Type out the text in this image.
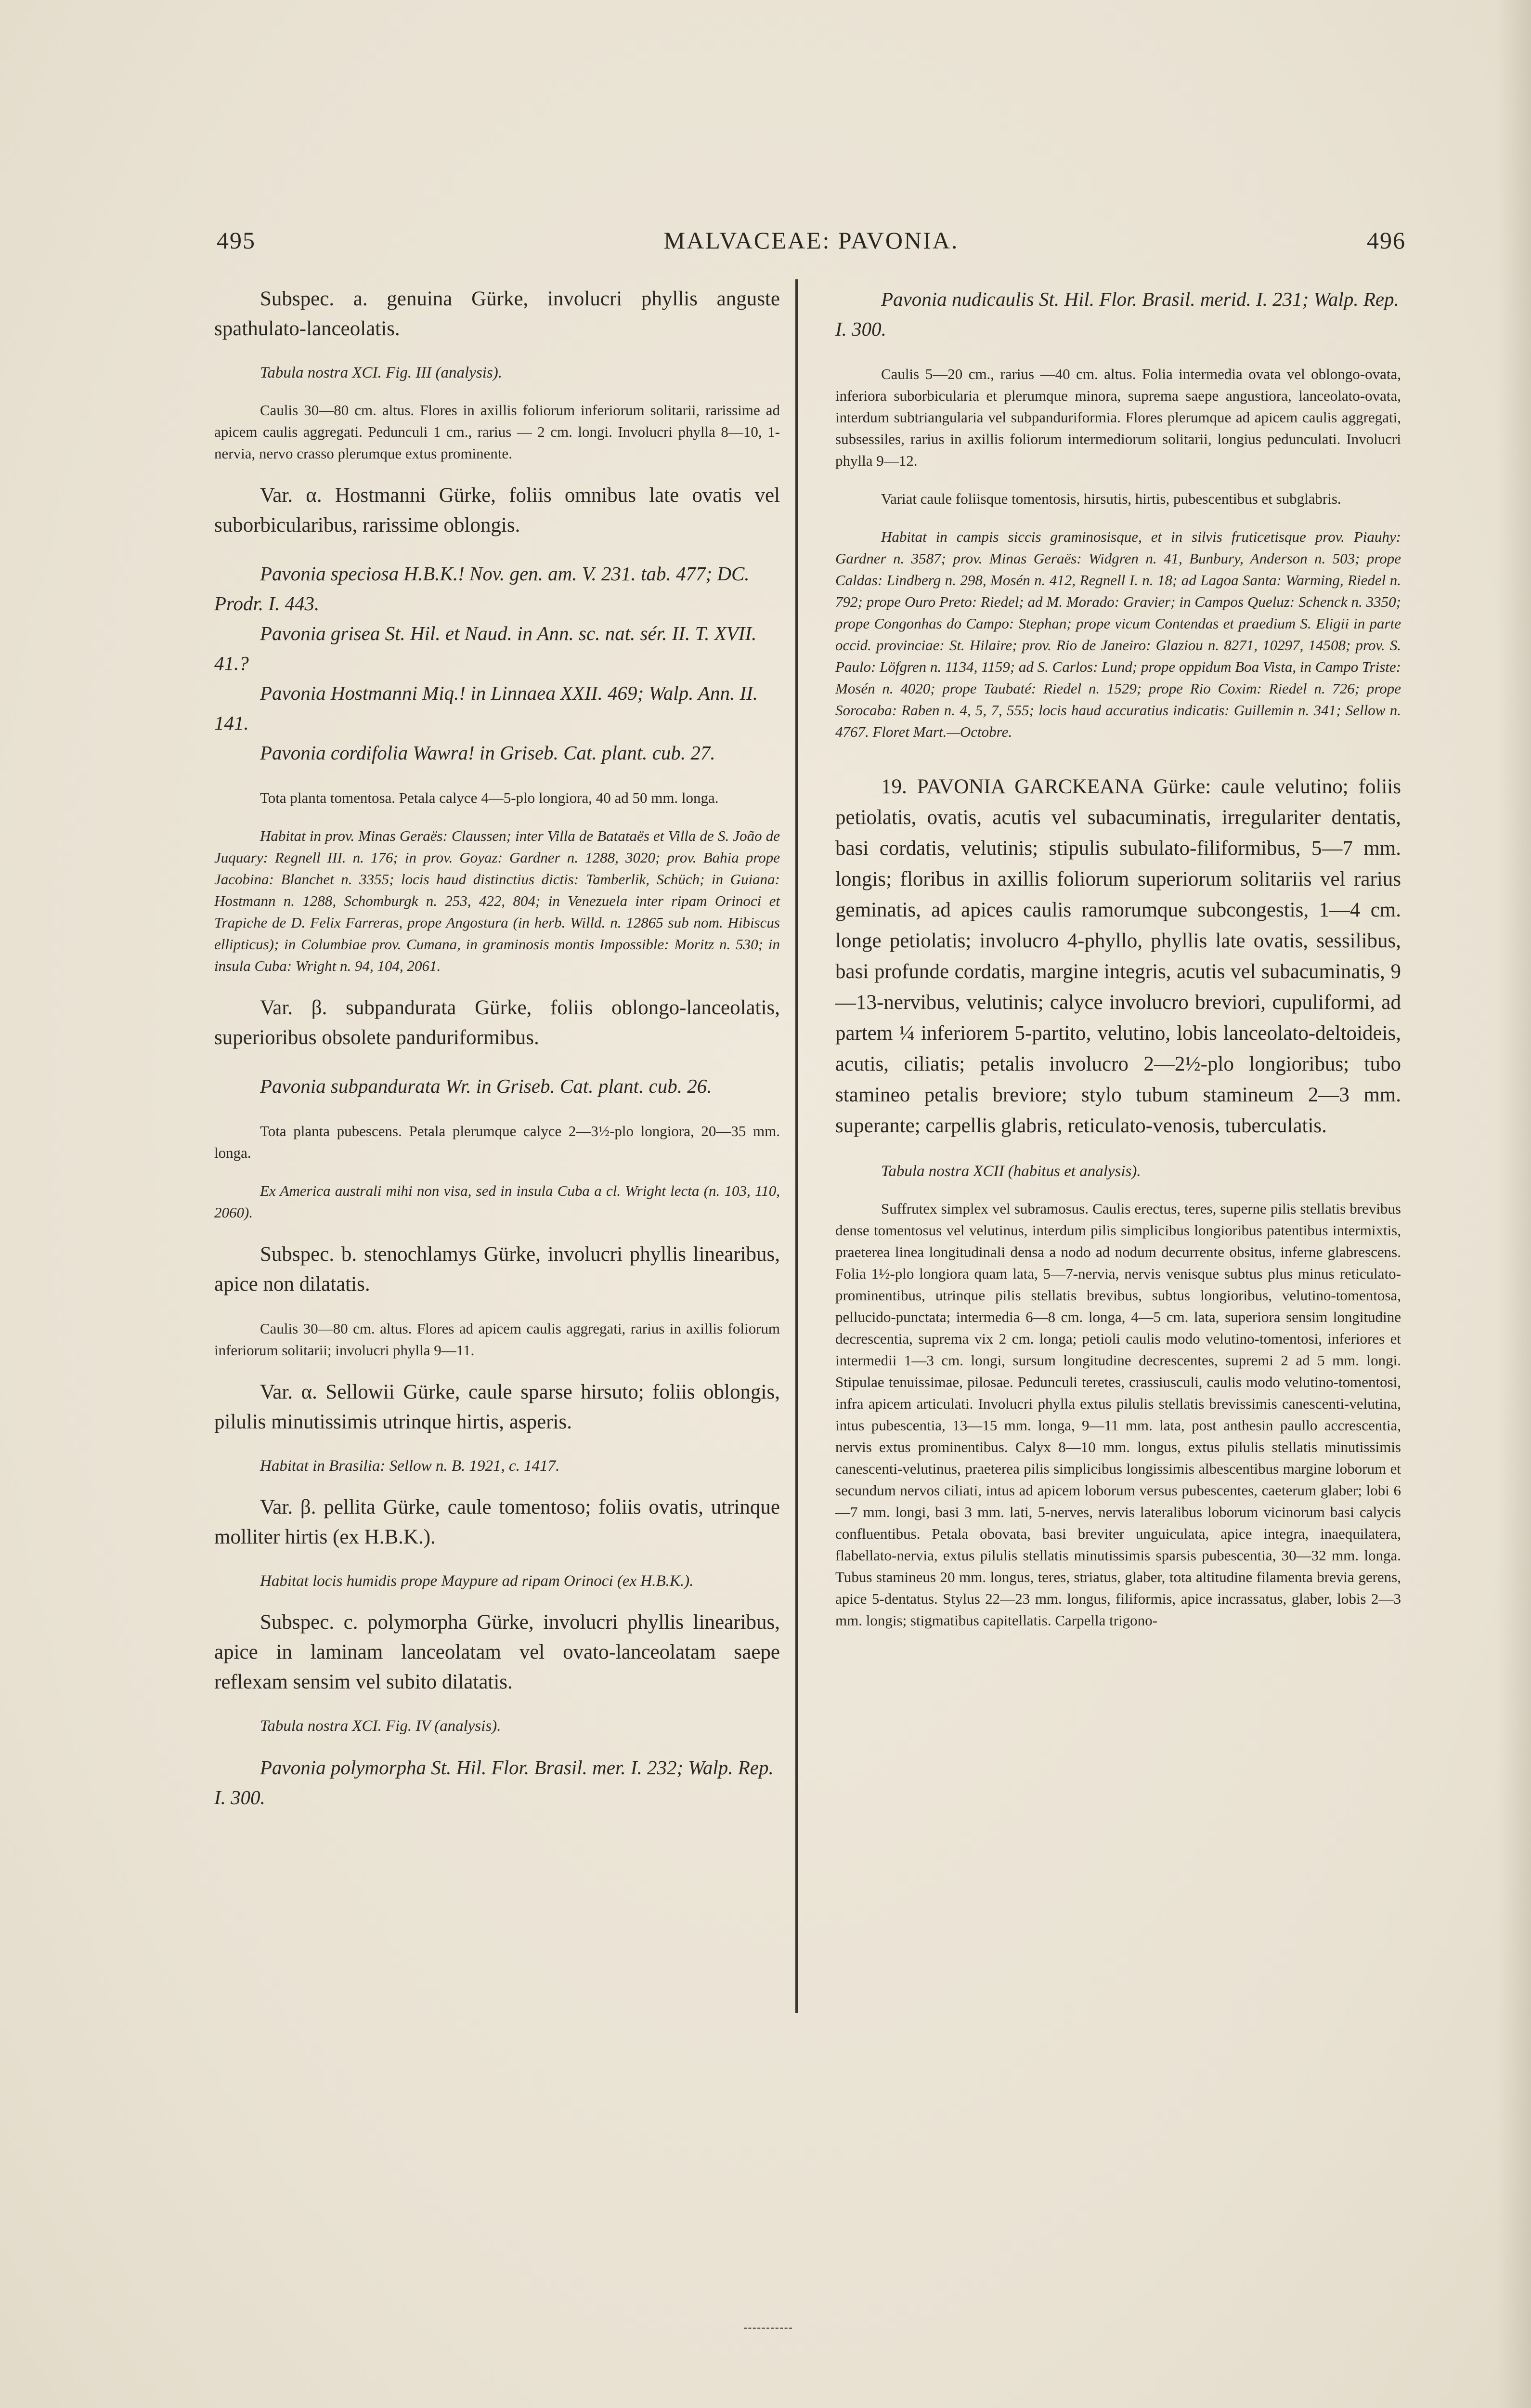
495	MALVACEAE: PAVONIA.	496

Subspec. a. genuina Gürke, involucri phyllis anguste spathulato-lanceolatis.

Tabula nostra XCI. Fig. III (analysis).

Caulis 30—80 cm. altus. Flores in axillis foliorum inferiorum solitarii, rarissime ad apicem caulis aggregati. Pedunculi 1 cm., rarius — 2 cm. longi. Involucri phylla 8—10, 1-nervia, nervo crasso plerumque extus prominente.

Var. α. Hostmanni Gürke, foliis omnibus late ovatis vel suborbicularibus, rarissime oblongis.

Pavonia speciosa H.B.K.! Nov. gen. am. V. 231. tab. 477; DC. Prodr. I. 443.

Pavonia grisea St. Hil. et Naud. in Ann. sc. nat. sér. II. T. XVII. 41.?

Pavonia Hostmanni Miq.! in Linnaea XXII. 469; Walp. Ann. II. 141.

Pavonia cordifolia Wawra! in Griseb. Cat. plant. cub. 27.

Tota planta tomentosa. Petala calyce 4—5-plo longiora, 40 ad 50 mm. longa.

Habitat in prov. Minas Geraës: Claussen; inter Villa de Batataës et Villa de S. João de Juquary: Regnell III. n. 176; in prov. Goyaz: Gardner n. 1288, 3020; prov. Bahia prope Jacobina: Blanchet n. 3355; locis haud distinctius dictis: Tamberlik, Schüch; in Guiana: Hostmann n. 1288, Schomburgk n. 253, 422, 804; in Venezuela inter ripam Orinoci et Trapiche de D. Felix Farreras, prope Angostura (in herb. Willd. n. 12865 sub nom. Hibiscus ellipticus); in Columbiae prov. Cumana, in graminosis montis Impossible: Moritz n. 530; in insula Cuba: Wright n. 94, 104, 2061.

Var. β. subpandurata Gürke, foliis oblongo-lanceolatis, superioribus obsolete panduriformibus.

Pavonia subpandurata Wr. in Griseb. Cat. plant. cub. 26.

Tota planta pubescens. Petala plerumque calyce 2—3½-plo longiora, 20—35 mm. longa.

Ex America australi mihi non visa, sed in insula Cuba a cl. Wright lecta (n. 103, 110, 2060).

Subspec. b. stenochlamys Gürke, involucri phyllis linearibus, apice non dilatatis.

Caulis 30—80 cm. altus. Flores ad apicem caulis aggregati, rarius in axillis foliorum inferiorum solitarii; involucri phylla 9—11.

Var. α. Sellowii Gürke, caule sparse hirsuto; foliis oblongis, pilulis minutissimis utrinque hirtis, asperis.

Habitat in Brasilia: Sellow n. B. 1921, c. 1417.

Var. β. pellita Gürke, caule tomentoso; foliis ovatis, utrinque molliter hirtis (ex H.B.K.).

Habitat locis humidis prope Maypure ad ripam Orinoci (ex H.B.K.).

Subspec. c. polymorpha Gürke, involucri phyllis linearibus, apice in laminam lanceolatam vel ovato-lanceolatam saepe reflexam sensim vel subito dilatatis.

Tabula nostra XCI. Fig. IV (analysis).

Pavonia polymorpha St. Hil. Flor. Brasil. mer. I. 232; Walp. Rep. I. 300.

Pavonia nudicaulis St. Hil. Flor. Brasil. merid. I. 231; Walp. Rep. I. 300.

Caulis 5—20 cm., rarius —40 cm. altus. Folia intermedia ovata vel oblongo-ovata, inferiora suborbicularia et plerumque minora, suprema saepe angustiora, lanceolato-ovata, interdum subtriangularia vel subpanduriformia. Flores plerumque ad apicem caulis aggregati, subsessiles, rarius in axillis foliorum intermediorum solitarii, longius pedunculati. Involucri phylla 9—12.

Variat caule foliisque tomentosis, hirsutis, hirtis, pubescentibus et subglabris.

Habitat in campis siccis graminosisque, et in silvis fruticetisque prov. Piauhy: Gardner n. 3587; prov. Minas Geraës: Widgren n. 41, Bunbury, Anderson n. 503; prope Caldas: Lindberg n. 298, Mosén n. 412, Regnell I. n. 18; ad Lagoa Santa: Warming, Riedel n. 792; prope Ouro Preto: Riedel; ad M. Morado: Gravier; in Campos Queluz: Schenck n. 3350; prope Congonhas do Campo: Stephan; prope vicum Contendas et praedium S. Eligii in parte occid. provinciae: St. Hilaire; prov. Rio de Janeiro: Glaziou n. 8271, 10297, 14508; prov. S. Paulo: Löfgren n. 1134, 1159; ad S. Carlos: Lund; prope oppidum Boa Vista, in Campo Triste: Mosén n. 4020; prope Taubaté: Riedel n. 1529; prope Rio Coxim: Riedel n. 726; prope Sorocaba: Raben n. 4, 5, 7, 555; locis haud accuratius indicatis: Guillemin n. 341; Sellow n. 4767. Floret Mart.—Octobre.

19. PAVONIA GARCKEANA Gürke: caule velutino; foliis petiolatis, ovatis, acutis vel subacuminatis, irregulariter dentatis, basi cordatis, velutinis; stipulis subulato-filiformibus, 5—7 mm. longis; floribus in axillis foliorum superiorum solitariis vel rarius geminatis, ad apices caulis ramorumque subcongestis, 1—4 cm. longe petiolatis; involucro 4-phyllo, phyllis late ovatis, sessilibus, basi profunde cordatis, margine integris, acutis vel subacuminatis, 9—13-nervibus, velutinis; calyce involucro breviori, cupuliformi, ad partem ¼ inferiorem 5-partito, velutino, lobis lanceolato-deltoideis, acutis, ciliatis; petalis involucro 2—2½-plo longioribus; tubo stamineo petalis breviore; stylo tubum stamineum 2—3 mm. superante; carpellis glabris, reticulato-venosis, tuberculatis.

Tabula nostra XCII (habitus et analysis).

Suffrutex simplex vel subramosus. Caulis erectus, teres, superne pilis stellatis brevibus dense tomentosus vel velutinus, interdum pilis simplicibus longioribus patentibus intermixtis, praeterea linea longitudinali densa a nodo ad nodum decurrente obsitus, inferne glabrescens. Folia 1½-plo longiora quam lata, 5—7-nervia, nervis venisque subtus plus minus reticulato-prominentibus, utrinque pilis stellatis brevibus, subtus longioribus, velutino-tomentosa, pellucido-punctata; intermedia 6—8 cm. longa, 4—5 cm. lata, superiora sensim longitudine decrescentia, suprema vix 2 cm. longa; petioli caulis modo velutino-tomentosi, inferiores et intermedii 1—3 cm. longi, sursum longitudine decrescentes, supremi 2 ad 5 mm. longi. Stipulae tenuissimae, pilosae. Pedunculi teretes, crassiusculi, caulis modo velutino-tomentosi, infra apicem articulati. Involucri phylla extus pilulis stellatis brevissimis canescenti-velutina, intus pubescentia, 13—15 mm. longa, 9—11 mm. lata, post anthesin paullo accrescentia, nervis extus prominentibus. Calyx 8—10 mm. longus, extus pilulis stellatis minutissimis canescenti-velutinus, praeterea pilis simplicibus longissimis albescentibus margine loborum et secundum nervos ciliati, intus ad apicem loborum versus pubescentes, caeterum glaber; lobi 6—7 mm. longi, basi 3 mm. lati, 5-nerves, nervis lateralibus loborum vicinorum basi calycis confluentibus. Petala obovata, basi breviter unguiculata, apice integra, inaequilatera, flabellato-nervia, extus pilulis stellatis minutissimis sparsis pubescentia, 30—32 mm. longa. Tubus stamineus 20 mm. longus, teres, striatus, glaber, tota altitudine filamenta brevia gerens, apice 5-dentatus. Stylus 22—23 mm. longus, filiformis, apice incrassatus, glaber, lobis 2—3 mm. longis; stigmatibus capitellatis. Carpella trigono-
